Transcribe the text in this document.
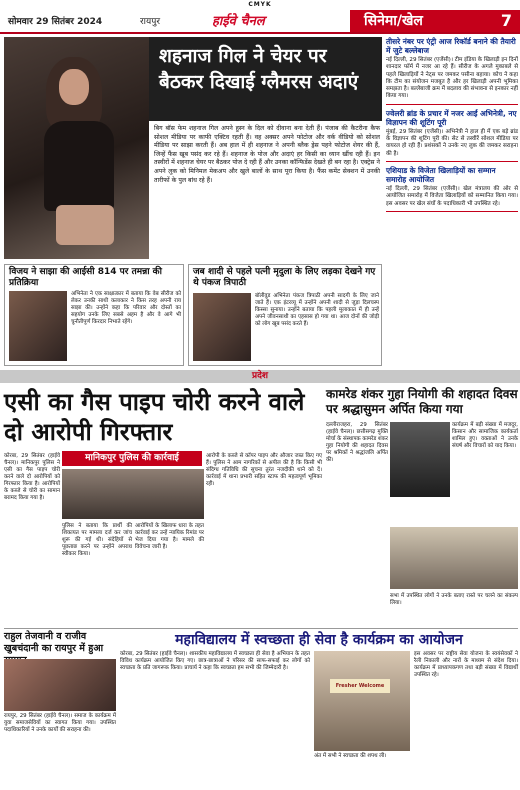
CMYK
सोमवार 29 सितंबर 2024	रायपुर	हाईवे चैनल	सिनेमा/खेल	7
शहनाज गिल ने चेयर पर बैठकर दिखाई ग्लैमरस अदाएं
बिग बॉस फेम शहनाज गिल अपने हुस्न के दिल को दीवाना बना देती हैं। पंजाब की कैटरीना कैफ सोशल मीडिया पर काफी एक्टिव रहती हैं। वह अक्सर अपने फोटोज और वर्क वीडियो को सोशल मीडिया पर साझा करती हैं। अब हाल में ही शहनाज ने अपनी ब्लैक ड्रेस पहने फोटोज शेयर की हैं, जिन्हें फैंस खूब पसंद कर रहे हैं। शहनाज के पोज और अदाएं हर किसी का ध्यान खींच रही हैं। इन तस्वीरों में शहनाज चेयर पर बैठकर पोज दे रही हैं और उनका कॉन्फिडेंस देखते ही बन रहा है। एक्ट्रेस ने अपने लुक को मिनिमल मेकअप और खुले बालों के साथ पूरा किया है। फैंस कमेंट सेक्शन में उनकी तारीफों के पुल बांध रहे हैं।
तीसरे नंबर पर एंट्री आज रिकॉर्ड बनाने की तैयारी में जुटे बल्लेबाज

नई दिल्ली, 29 सितंबर (एजेंसी)। टीम इंडिया के खिलाड़ी इन दिनों शानदार फॉर्म में नजर आ रहे हैं। सीरीज के अगले मुकाबले से पहले खिलाड़ियों ने नेट्स पर जमकर पसीना बहाया। कोच ने कहा कि टीम का संयोजन मजबूत है और हर खिलाड़ी अपनी भूमिका समझता है। बल्लेबाजी क्रम में बदलाव की संभावना से इनकार नहीं किया गया।

ज्वेलरी ब्रांड के प्रचार में नजर आईं अभिनेत्री, नए विज्ञापन की शूटिंग पूरी

मुंबई, 29 सितंबर (एजेंसी)। अभिनेत्री ने हाल ही में एक बड़े ब्रांड के विज्ञापन की शूटिंग पूरी की। सेट से तस्वीरें सोशल मीडिया पर वायरल हो रही हैं। प्रशंसकों ने उनके नए लुक की जमकर सराहना की है।

एशियाड के विजेता खिलाड़ियों का सम्मान समारोह आयोजित

नई दिल्ली, 29 सितंबर (एजेंसी)। खेल मंत्रालय की ओर से आयोजित समारोह में विजेता खिलाड़ियों को सम्मानित किया गया। इस अवसर पर खेल संघों के पदाधिकारी भी उपस्थित रहे।

विजय ने साझा की आईसी 814 पर तमन्ना की प्रतिक्रिया
अभिनेता ने एक साक्षात्कार में बताया कि वेब सीरीज को लेकर उनकी साथी कलाकार ने किस तरह अपनी राय साझा की। उन्होंने कहा कि परिवार और दोस्तों का सहयोग उनके लिए सबसे अहम है और वे आगे भी चुनौतीपूर्ण किरदार निभाते रहेंगे।
जब शादी से पहले पत्नी मृदुला के लिए लड़का देखने गए थे पंकज त्रिपाठी
बॉलीवुड अभिनेता पंकज त्रिपाठी अपनी सादगी के लिए जाने जाते हैं। एक इंटरव्यू में उन्होंने अपनी शादी से जुड़ा दिलचस्प किस्सा सुनाया। उन्होंने बताया कि पहली मुलाकात में ही उन्हें अपने जीवनसाथी का एहसास हो गया था। आज दोनों की जोड़ी को लोग खूब पसंद करते हैं।
प्रदेश
एसी का गैस पाइप चोरी करने वाले दो आरोपी गिरफ्तार
मानिकपुर पुलिस की कार्रवाई
कोरबा, 29 सितंबर (हाईवे चैनल)। मानिकपुर पुलिस ने एसी का गैस पाइप चोरी करने वाले दो आरोपियों को गिरफ्तार किया है। आरोपियों के कब्जे से चोरी का सामान बरामद किया गया है।
पुलिस ने बताया कि प्रार्थी की शिकायत पर मामला दर्ज कर जांच शुरू की गई थी। संदेहियों से पूछताछ करने पर उन्होंने अपराध स्वीकार किया।
आरोपियों के खिलाफ धारा के तहत कार्रवाई कर उन्हें न्यायिक रिमांड पर भेज दिया गया है। मामले की विवेचना जारी है।
आरोपी के कब्जे से कॉपर पाइप और औजार जब्त किए गए हैं। पुलिस ने आम नागरिकों से अपील की है कि किसी भी संदिग्ध गतिविधि की सूचना तुरंत नजदीकी थाने को दें। कार्रवाई में थाना प्रभारी सहित स्टाफ की महत्वपूर्ण भूमिका रही।
कामरेड शंकर गुहा नियोगी की शहादत दिवस पर श्रद्धासुमन अर्पित किया गया
दल्लीराजहरा, 29 सितंबर (हाईवे चैनल)। छत्तीसगढ़ मुक्ति मोर्चा के संस्थापक कामरेड शंकर गुहा नियोगी की शहादत दिवस पर श्रमिकों ने श्रद्धांजलि अर्पित की।
कार्यक्रम में बड़ी संख्या में मजदूर, किसान और सामाजिक कार्यकर्ता शामिल हुए। वक्ताओं ने उनके संघर्ष और विचारों को याद किया।
सभा में उपस्थित लोगों ने उनके बताए रास्ते पर चलने का संकल्प लिया।
राहुल तेजवानी व राजीव खुबचंदानी का रायपुर में हुआ
रायपुर, 29 सितंबर (हाईवे चैनल)। समाज के कार्यक्रम में युवा समाजसेवियों का स्वागत किया गया। उपस्थित पदाधिकारियों ने उनके कार्यों की सराहना की।
महाविद्यालय में स्वच्छता ही सेवा है कार्यक्रम का आयोजन
कोरबा, 29 सितंबर (हाईवे चैनल)। शासकीय महाविद्यालय में स्वच्छता ही सेवा है अभियान के तहत विविध कार्यक्रम आयोजित किए गए। छात्र-छात्राओं ने परिसर की साफ-सफाई कर लोगों को स्वच्छता के प्रति जागरूक किया। प्राचार्य ने कहा कि स्वच्छता हम सभी की जिम्मेदारी है।
Fresher Welcome
इस अवसर पर राष्ट्रीय सेवा योजना के स्वयंसेवकों ने रैली निकाली और नारों के माध्यम से संदेश दिया। कार्यक्रम में प्राध्यापकगण तथा बड़ी संख्या में विद्यार्थी उपस्थित रहे।
अंत में सभी ने स्वच्छता की शपथ ली।
